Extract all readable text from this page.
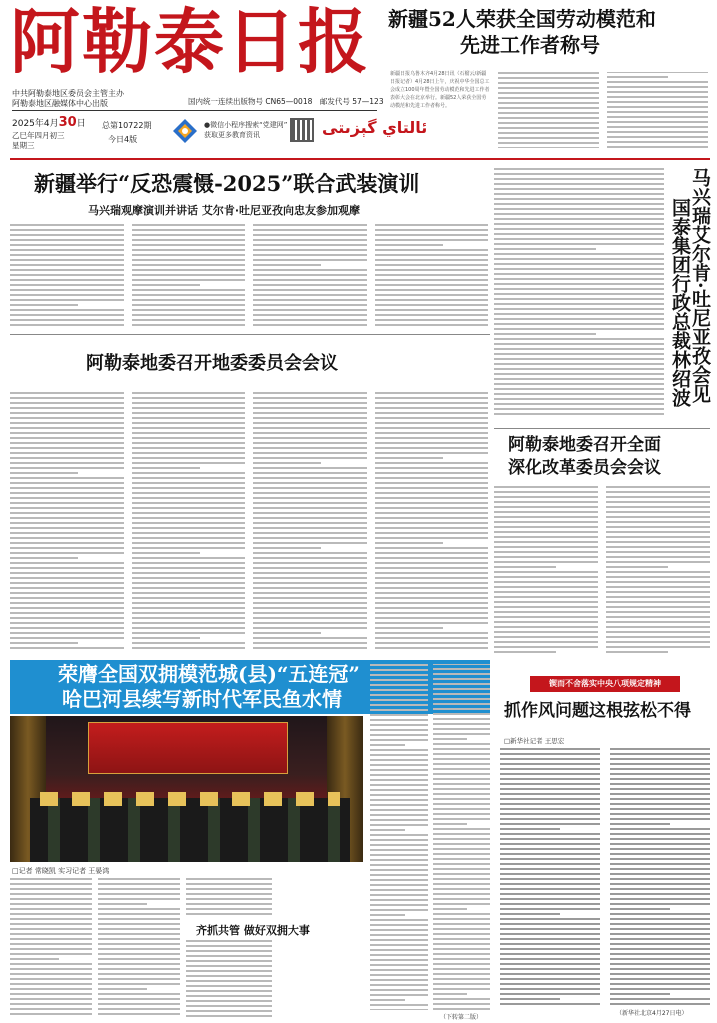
阿勒泰日报
中共阿勒泰地区委员会主管主办
阿勒泰地区融媒体中心出版	国内统一连续出版物号 CN65—0018　邮发代号 57—123
2025年4月30日
乙巳年四月初三
星期三
总第10722期
今日4版
●微信小程序搜索“党建网”
获取更多教育资讯	ئالتاي گېزىتى
新疆52人荣获全国劳动模范和
先进工作者称号
新疆日报乌鲁木齐4月28日讯（石榴云/新疆日报记者）4月28日上午，庆祝中华全国总工会成立100周年暨全国劳动模范和先进工作者表彰大会在北京举行。新疆52人荣获全国劳动模范和先进工作者称号。
新疆举行“反恐震慑-2025”联合武装演训
马兴瑞观摩演训并讲话 艾尔肯·吐尼亚孜向忠友参加观摩	马兴瑞艾尔肯·吐尼亚孜会见
国泰集团行政总裁林绍波
阿勒泰地委召开地委委员会会议
阿勒泰地委召开全面
深化改革委员会会议
荣膺全国双拥模范城(县)“五连冠”
哈巴河县续写新时代军民鱼水情
□记者 常晓凯 实习记者 王晏鸿
齐抓共管 做好双拥大事
（下转第二版）
锲而不舍落实中央八项规定精神
抓作风问题这根弦松不得
□新华社记者 王思宏
（新华社北京4月27日电）
